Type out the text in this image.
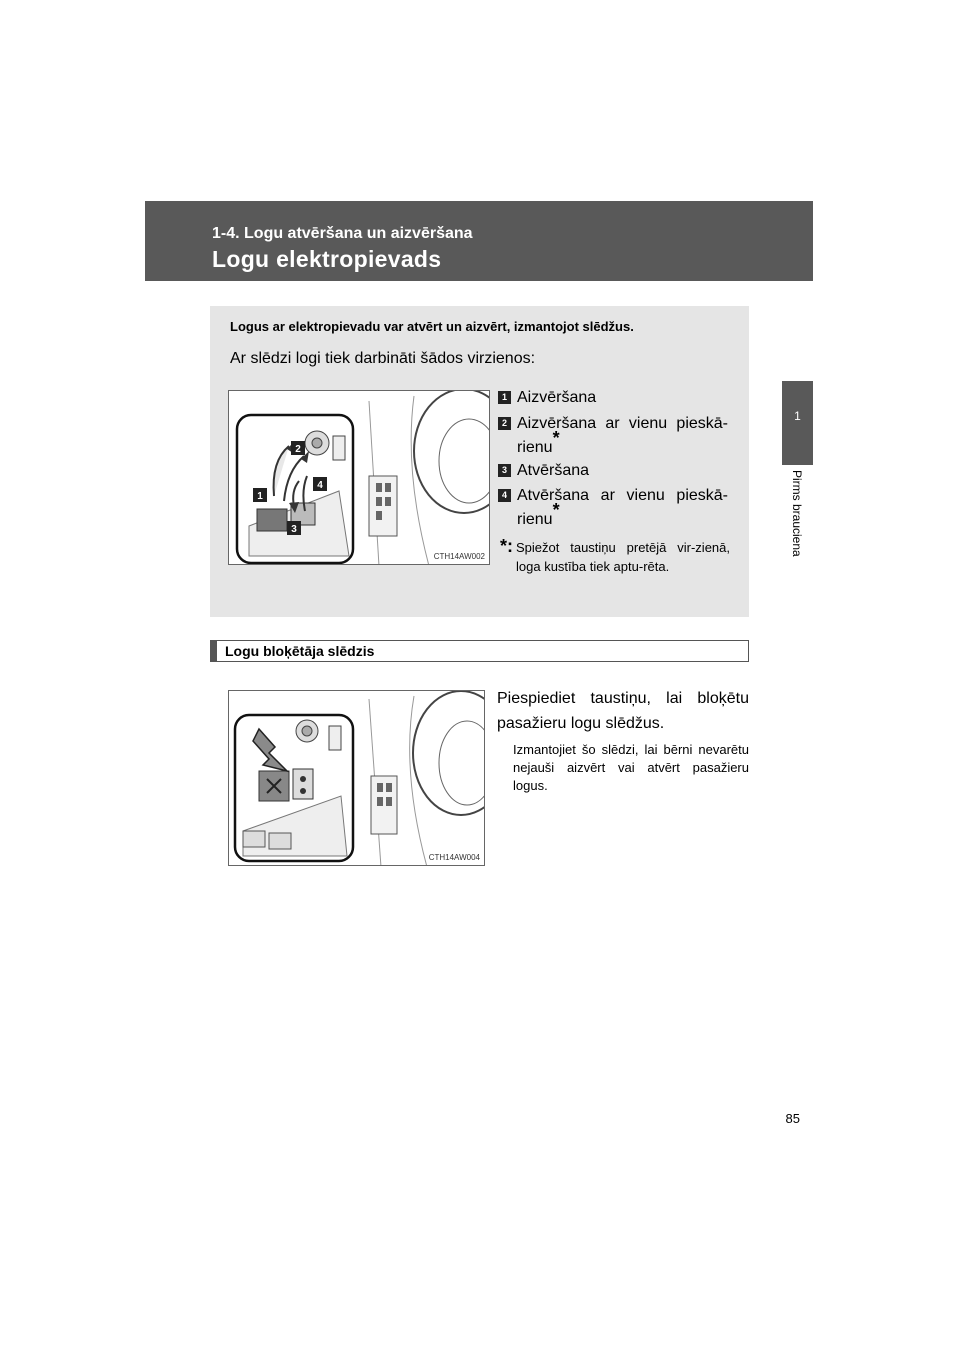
1-4. Logu atvēršana un aizvēršana
Logu elektropievads
1
Pirms brauciena
Logus ar elektropievadu var atvērt un aizvērt, izmantojot slēdžus.
Ar slēdzi logi tiek darbināti šādos virzienos:
1
2
3
4
CTH14AW002
1 Aizvēršana
2 Aizvēršana ar vienu pieskā-rienu*
3 Atvēršana
4 Atvēršana ar vienu pieskā-rienu*
*: Spiežot taustiņu pretējā vir-zienā, loga kustība tiek aptu-rēta.
Logu bloķētāja slēdzis
CTH14AW004
Piespiediet taustiņu, lai bloķētu pasažieru logu slēdžus.
Izmantojiet šo slēdzi, lai bērni nevarētu nejauši aizvērt vai atvērt pasažieru logus.
85
